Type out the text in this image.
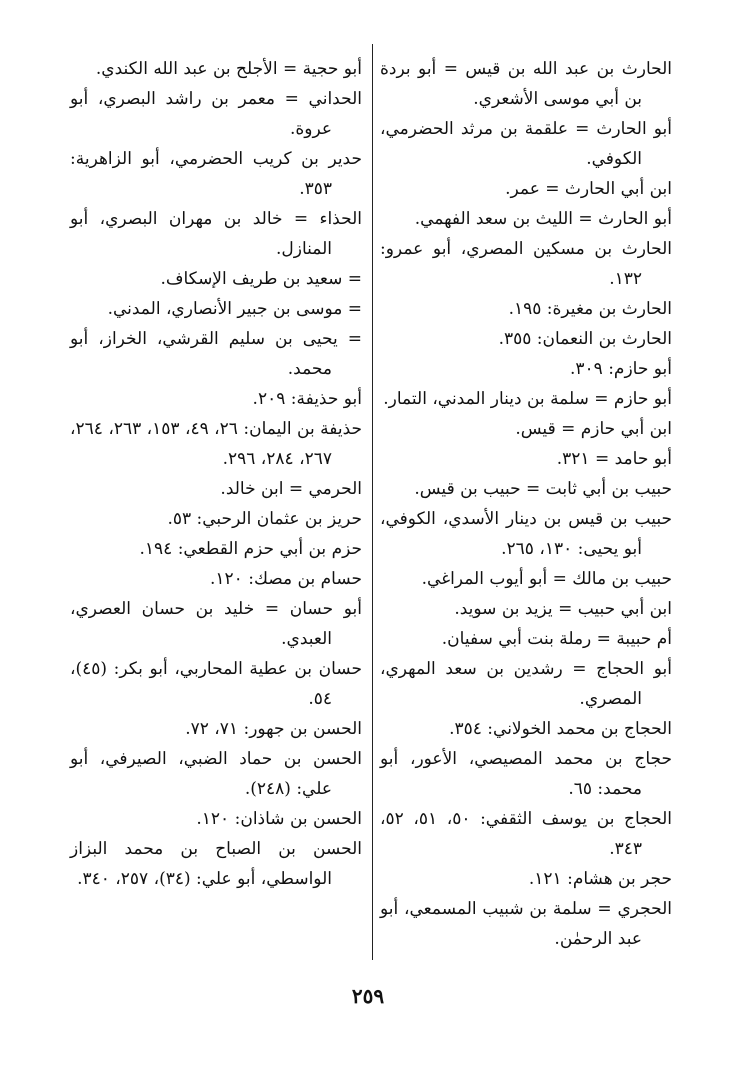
الحارث بن عبد الله بن قيس = أبو بردة بن أبي موسى الأشعري.

أبو الحارث = علقمة بن مرثد الحضرمي، الكوفي.

ابن أبي الحارث = عمر.

أبو الحارث = الليث بن سعد الفهمي.

الحارث بن مسكين المصري، أبو عمرو: ١٣٢.

الحارث بن مغيرة: ١٩٥.

الحارث بن النعمان: ٣٥٥.

أبو حازم: ٣٠٩.

أبو حازم = سلمة بن دينار المدني، التمار.

ابن أبي حازم = قيس.

أبو حامد = ٣٢١.

حبيب بن أبي ثابت = حبيب بن قيس.

حبيب بن قيس بن دينار الأسدي، الكوفي، أبو يحيى: ١٣٠، ٢٦٥.

حبيب بن مالك = أبو أيوب المراغي.

ابن أبي حبيب = يزيد بن سويد.

أم حبيبة = رملة بنت أبي سفيان.

أبو الحجاج = رشدين بن سعد المهري، المصري.

الحجاج بن محمد الخولاني: ٣٥٤.

حجاج بن محمد المصيصي، الأعور، أبو محمد: ٦٥.

الحجاج بن يوسف الثقفي: ٥٠، ٥١، ٥٢، ٣٤٣.

حجر بن هشام: ١٢١.

الحجري = سلمة بن شبيب المسمعي، أبو عبد الرحمٰن.

أبو حجية = الأجلح بن عبد الله الكندي.

الحداني = معمر بن راشد البصري، أبو عروة.

حدير بن كريب الحضرمي، أبو الزاهرية: ٣٥٣.

الحذاء = خالد بن مهران البصري، أبو المنازل.

= سعيد بن طريف الإسكاف.

= موسى بن جبير الأنصاري، المدني.

= يحيى بن سليم القرشي، الخراز، أبو محمد.

أبو حذيفة: ٢٠٩.

حذيفة بن اليمان: ٢٦، ٤٩، ١٥٣، ٢٦٣، ٢٦٤، ٢٦٧، ٢٨٤، ٢٩٦.

الحرمي = ابن خالد.

حريز بن عثمان الرحبي: ٥٣.

حزم بن أبي حزم القطعي: ١٩٤.

حسام بن مصك: ١٢٠.

أبو حسان = خليد بن حسان العصري، العبدي.

حسان بن عطية المحاربي، أبو بكر: (٤٥)، ٥٤.

الحسن بن جهور: ٧١، ٧٢.

الحسن بن حماد الضبي، الصيرفي، أبو علي: (٢٤٨).

الحسن بن شاذان: ١٢٠.

الحسن بن الصباح بن محمد البزاز الواسطي، أبو علي: (٣٤)، ٢٥٧، ٣٤٠.

٢٥٩
